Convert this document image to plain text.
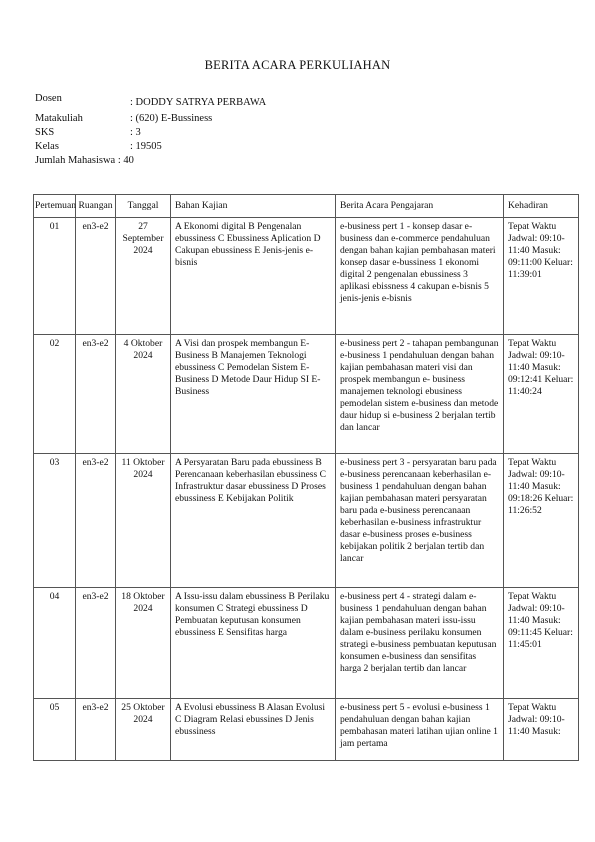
BERITA ACARA PERKULIAHAN
Dosen	: DODDY SATRYA PERBAWA
Matakuliah	: (620) E-Bussiness
SKS	: 3
Kelas	: 19505
Jumlah Mahasiswa : 40
Pertemuan	Ruangan	Tanggal	Bahan Kajian	Berita Acara Pengajaran	Kehadiran
01	en3-e2	27 September 2024	A Ekonomi digital B Pengenalan ebussiness C Ebussiness Aplication D Cakupan ebussiness E Jenis-jenis e-bisnis	e-business pert 1 - konsep dasar e-business dan e-commerce pendahuluan dengan bahan kajian pembahasan materi konsep dasar e-bussiness 1 ekonomi digital 2 pengenalan ebussiness 3 aplikasi ebissness 4 cakupan e-bisnis 5 jenis-jenis e-bisnis	Tepat Waktu Jadwal: 09:10-11:40 Masuk: 09:11:00 Keluar: 11:39:01
02	en3-e2	4 Oktober 2024	A Visi dan prospek membangun E- Business B Manajemen Teknologi ebussiness C Pemodelan Sistem E- Business D Metode Daur Hidup SI E-Business	e-business pert 2 - tahapan pembangunan e-business 1 pendahuluan dengan bahan kajian pembahasan materi visi dan prospek membangun e- business manajemen teknologi ebusiness pemodelan sistem e-business dan metode daur hidup si e-business 2 berjalan tertib dan lancar	Tepat Waktu Jadwal: 09:10-11:40 Masuk: 09:12:41 Keluar: 11:40:24
03	en3-e2	11 Oktober 2024	A Persyaratan Baru pada ebussiness B Perencanaan keberhasilan ebussiness C Infrastruktur dasar ebussiness D Proses ebussiness E Kebijakan Politik	e-business pert 3 - persyaratan baru pada e-business perencanaan keberhasilan e-business 1 pendahuluan dengan bahan kajian pembahasan materi persyaratan baru pada e-business perencanaan keberhasilan e-business infrastruktur dasar e-business proses e-business kebijakan politik 2 berjalan tertib dan lancar	Tepat Waktu Jadwal: 09:10-11:40 Masuk: 09:18:26 Keluar: 11:26:52
04	en3-e2	18 Oktober 2024	A Issu-issu dalam ebussiness B Perilaku konsumen C Strategi ebussiness D Pembuatan keputusan konsumen ebussiness E Sensifitas harga	e-business pert 4 - strategi dalam e-business 1 pendahuluan dengan bahan kajian pembahasan materi issu-issu dalam e-business perilaku konsumen strategi e-business pembuatan keputusan konsumen e-business dan sensifitas harga 2 berjalan tertib dan lancar	Tepat Waktu Jadwal: 09:10-11:40 Masuk: 09:11:45 Keluar: 11:45:01
05	en3-e2	25 Oktober 2024	A Evolusi ebussiness B Alasan Evolusi C Diagram Relasi ebussines D Jenis ebussiness	e-business pert 5 - evolusi e-business 1 pendahuluan dengan bahan kajian pembahasan materi latihan ujian online 1 jam pertama	Tepat Waktu Jadwal: 09:10-11:40 Masuk:
